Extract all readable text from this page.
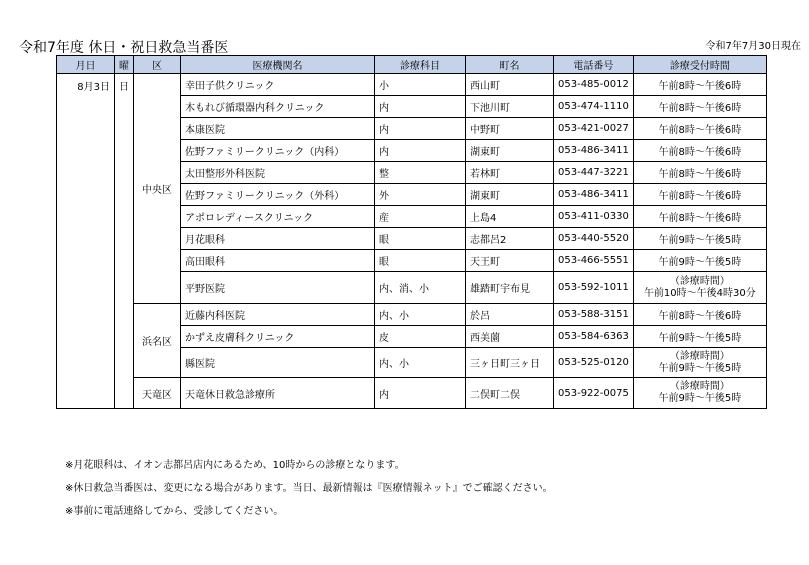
令和7年度 休日・祝日救急当番医	令和7年7月30日現在
月日	曜	区	医療機関名	診療科目	町名	電話番号	診療受付時間
8月3日	日	中央区	幸田子供クリニック	小	西山町	053-485-0012	午前8時～午後6時
			木もれび循環器内科クリニック	内	下池川町	053-474-1110	午前8時～午後6時
			本康医院	内	中野町	053-421-0027	午前8時～午後6時
			佐野ファミリークリニック（内科）	内	湖東町	053-486-3411	午前8時～午後6時
			太田整形外科医院	整	若林町	053-447-3221	午前8時～午後6時
			佐野ファミリークリニック（外科）	外	湖東町	053-486-3411	午前8時～午後6時
			アポロレディースクリニック	産	上島4	053-411-0330	午前8時～午後6時
			月花眼科	眼	志都呂2	053-440-5520	午前9時～午後5時
			高田眼科	眼	天王町	053-466-5551	午前9時～午後5時
			平野医院	内、消、小	雄踏町宇布見	053-592-1011	（診療時間）
午前10時～午後4時30分

		浜名区	近藤内科医院	内、小	於呂	053-588-3151	午前8時～午後6時
			かずえ皮膚科クリニック	皮	西美薗	053-584-6363	午前9時～午後5時
			縣医院	内、小	三ヶ日町三ヶ日	053-525-0120	（診療時間）
午前9時～午後5時

		天竜区	天竜休日救急診療所	内	二俣町二俣	053-922-0075	（診療時間）
午前9時～午後5時
※月花眼科は、イオン志都呂店内にあるため、10時からの診療となります。
※休日救急当番医は、変更になる場合があります。当日、最新情報は『医療情報ネット』でご確認ください。
※事前に電話連絡してから、受診してください。
